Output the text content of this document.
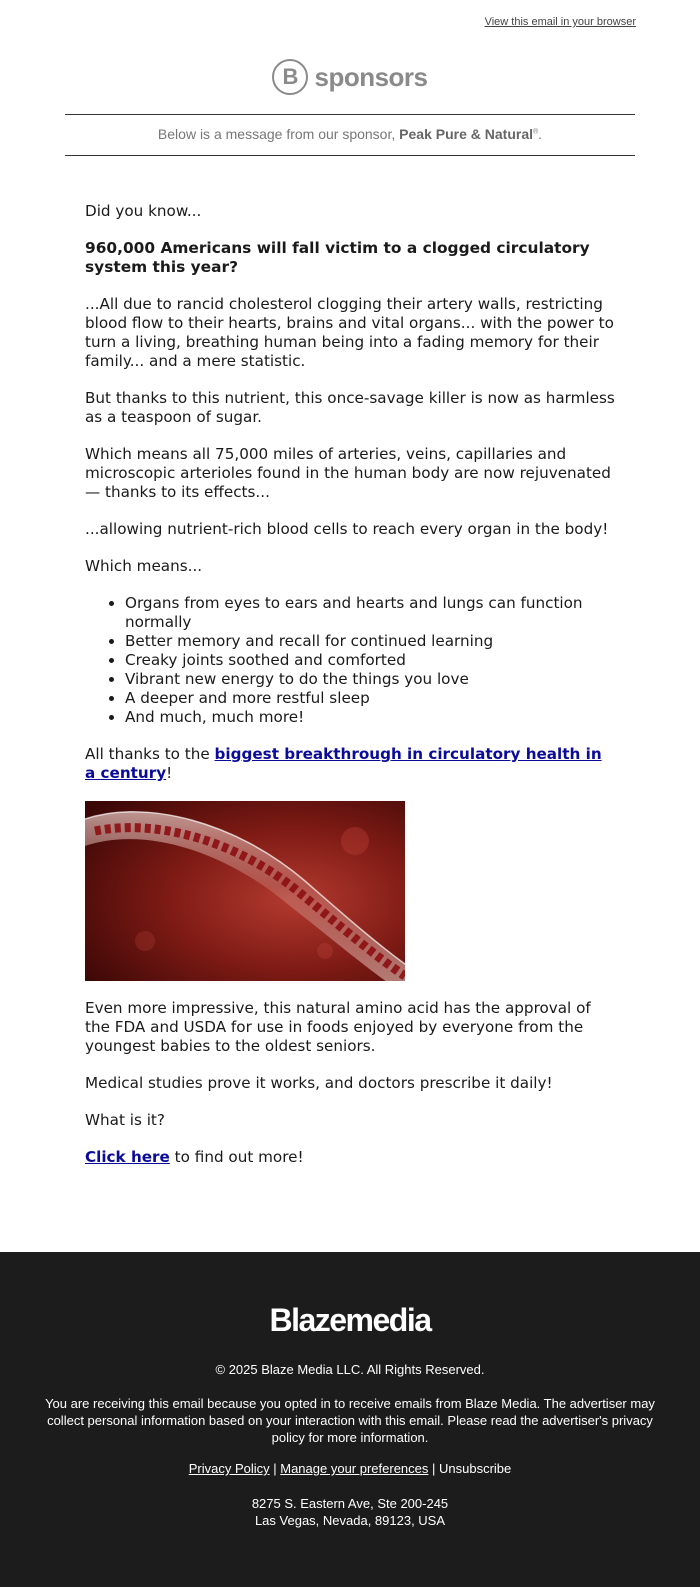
View this email in your browser
B sponsors
Below is a message from our sponsor, Peak Pure & Natural®.

Did you know...

960,000 Americans will fall victim to a clogged circulatory system this year?

...All due to rancid cholesterol clogging their artery walls, restricting blood flow to their hearts, brains and vital organs... with the power to turn a living, breathing human being into a fading memory for their family... and a mere statistic.

But thanks to this nutrient, this once-savage killer is now as harmless as a teaspoon of sugar.

Which means all 75,000 miles of arteries, veins, capillaries and microscopic arterioles found in the human body are now rejuvenated — thanks to its effects...

...allowing nutrient-rich blood cells to reach every organ in the body!

Which means...

• Organs from eyes to ears and hearts and lungs can function normally
• Better memory and recall for continued learning
• Creaky joints soothed and comforted
• Vibrant new energy to do the things you love
• A deeper and more restful sleep
• And much, much more!

All thanks to the biggest breakthrough in circulatory health in a century!

Even more impressive, this natural amino acid has the approval of the FDA and USDA for use in foods enjoyed by everyone from the youngest babies to the oldest seniors.

Medical studies prove it works, and doctors prescribe it daily!

What is it?

Click here to find out more!

Blazemedia
© 2025 Blaze Media LLC. All Rights Reserved.
You are receiving this email because you opted in to receive emails from Blaze Media. The advertiser may collect personal information based on your interaction with this email. Please read the advertiser's privacy policy for more information.
Privacy Policy | Manage your preferences | Unsubscribe
8275 S. Eastern Ave, Ste 200-245
Las Vegas, Nevada, 89123, USA
